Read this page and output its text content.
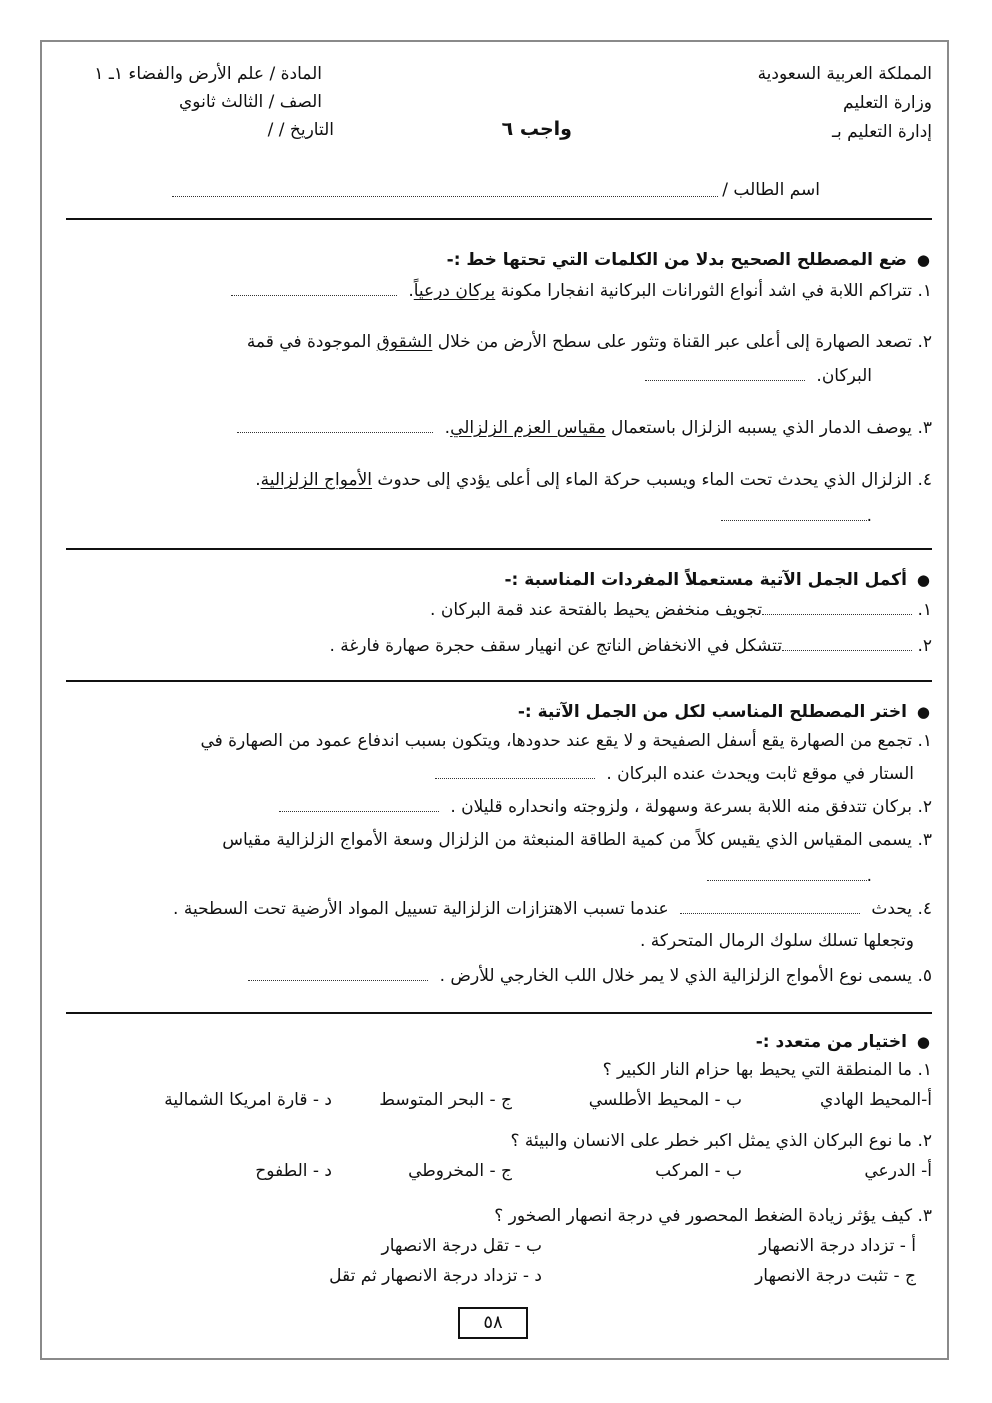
المملكة العربية السعودية
وزارة التعليم
إدارة التعليم بـ
المادة / علم الأرض والفضاء ١ـ ١
الصف / الثالث ثانوي
التاريخ / /	واجب ٦
اسم الطالب /
●ضع المصطلح الصحيح بدلا من الكلمات التي تحتها خط :-
١. تتراكم اللابة في اشد أنواع الثورانات البركانية انفجارا مكونة بركان درعياً.
٢. تصعد الصهارة إلى أعلى عبر القناة وتثور على سطح الأرض من خلال الشقوق الموجودة في قمة
البركان.
٣. يوصف الدمار الذي يسببه الزلزال باستعمال مقياس العزم الزلزالي.
٤. الزلزال الذي يحدث تحت الماء ويسبب حركة الماء إلى أعلى يؤدي إلى حدوث الأمواج الزلزالية.
.
●أكمل الجمل الآتية مستعملاً المفردات المناسبة :-
١. تجويف منخفض يحيط بالفتحة عند قمة البركان .
٢. تتشكل في الانخفاض الناتج عن انهيار سقف حجرة صهارة فارغة .
●اختر المصطلح المناسب لكل من الجمل الآتية :-
١. تجمع من الصهارة يقع أسفل الصفيحة و لا يقع عند حدودها، ويتكون بسبب اندفاع عمود من الصهارة في
الستار في موقع ثابت ويحدث عنده البركان .
٢. بركان تتدفق منه اللابة بسرعة وسهولة ، ولزوجته وانحداره قليلان .
٣. يسمى المقياس الذي يقيس كلاً من كمية الطاقة المنبعثة من الزلزال وسعة الأمواج الزلزالية مقياس
.
٤. يحدث  عندما تسبب الاهتزازات الزلزالية تسييل المواد الأرضية تحت السطحية .
وتجعلها تسلك سلوك الرمال المتحركة .
٥. يسمى نوع الأمواج الزلزالية الذي لا يمر خلال اللب الخارجي للأرض .
●اختيار من متعدد :-
١. ما المنطقة التي يحيط بها حزام النار الكبير ؟
أ-المحيط الهادي
ب - المحيط الأطلسي
ج - البحر المتوسط
د - قارة امريكا الشمالية
٢. ما نوع البركان الذي يمثل اكبر خطر على الانسان والبيئة ؟
أ- الدرعي
ب - المركب
ج - المخروطي
د - الطفوح
٣. كيف يؤثر زيادة الضغط المحصور في درجة انصهار الصخور ؟
أ - تزداد درجة الانصهار
ب - تقل درجة الانصهار
ج - تثبت درجة الانصهار
د - تزداد درجة الانصهار ثم تقل
٥٨
